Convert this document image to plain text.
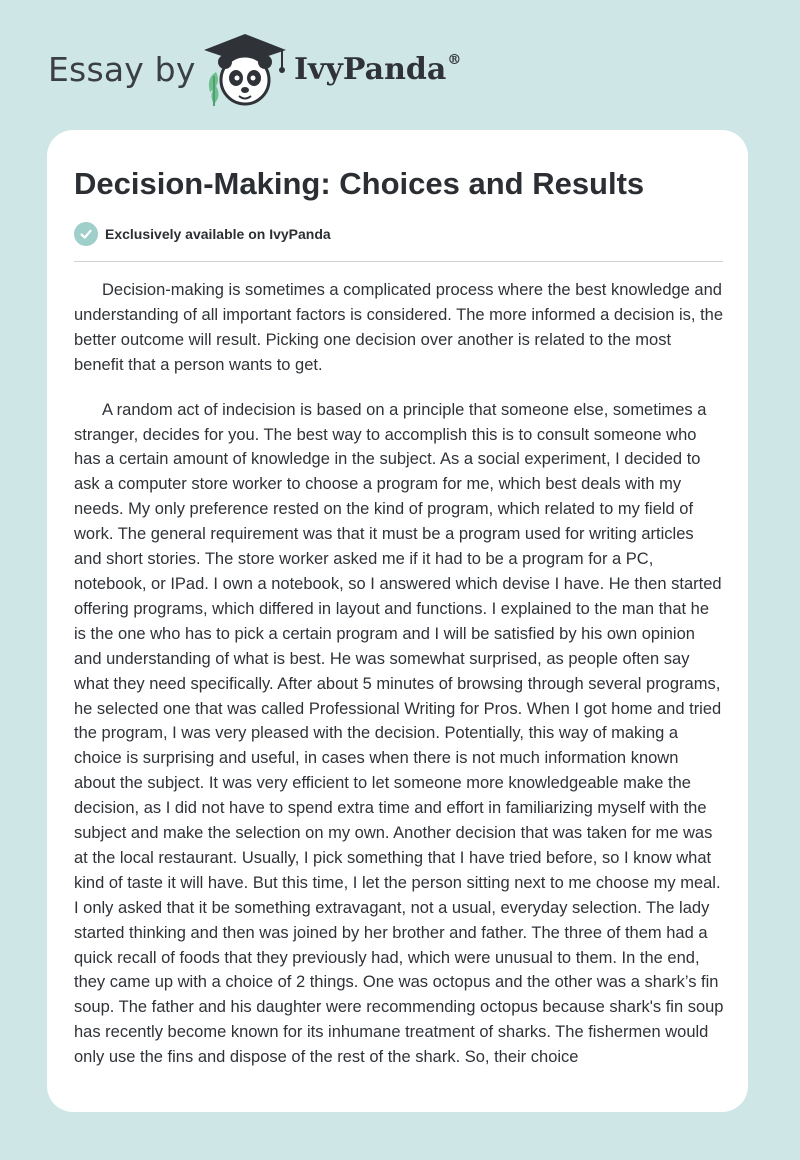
Essay by	IvyPanda®
Decision-Making: Choices and Results
Exclusively available on IvyPanda

Decision-making is sometimes a complicated process where the best knowledge and understanding of all important factors is considered. The more informed a decision is, the better outcome will result. Picking one decision over another is related to the most benefit that a person wants to get.

A random act of indecision is based on a principle that someone else, sometimes a stranger, decides for you. The best way to accomplish this is to consult someone who has a certain amount of knowledge in the subject. As a social experiment, I decided to ask a computer store worker to choose a program for me, which best deals with my needs. My only preference rested on the kind of program, which related to my field of work. The general requirement was that it must be a program used for writing articles and short stories. The store worker asked me if it had to be a program for a PC, notebook, or IPad. I own a notebook, so I answered which devise I have. He then started offering programs, which differed in layout and functions. I explained to the man that he is the one who has to pick a certain program and I will be satisfied by his own opinion and understanding of what is best. He was somewhat surprised, as people often say what they need specifically. After about 5 minutes of browsing through several programs, he selected one that was called Professional Writing for Pros. When I got home and tried the program, I was very pleased with the decision. Potentially, this way of making a choice is surprising and useful, in cases when there is not much information known about the subject. It was very efficient to let someone more knowledgeable make the decision, as I did not have to spend extra time and effort in familiarizing myself with the subject and make the selection on my own. Another decision that was taken for me was at the local restaurant. Usually, I pick something that I have tried before, so I know what kind of taste it will have. But this time, I let the person sitting next to me choose my meal. I only asked that it be something extravagant, not a usual, everyday selection. The lady started thinking and then was joined by her brother and father. The three of them had a quick recall of foods that they previously had, which were unusual to them. In the end, they came up with a choice of 2 things. One was octopus and the other was a shark’s fin soup. The father and his daughter were recommending octopus because shark's fin soup has recently become known for its inhumane treatment of sharks. The fishermen would only use the fins and dispose of the rest of the shark. So, their choice
